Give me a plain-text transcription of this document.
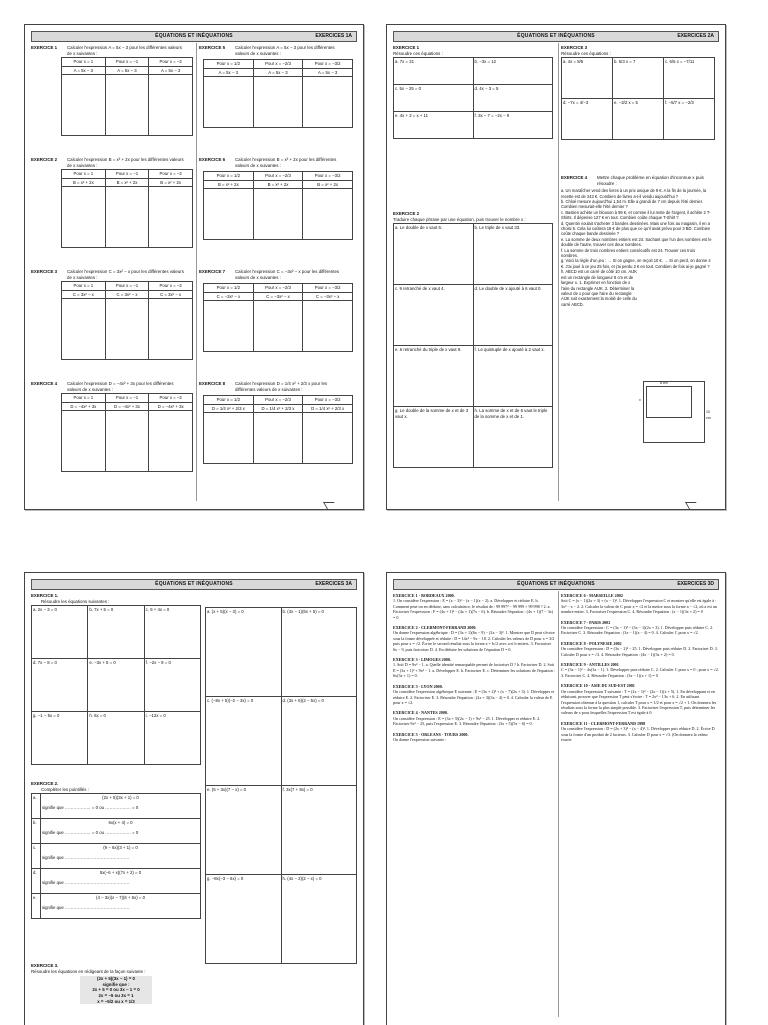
ÉQUATIONS ET INÉQUATIONS	EXERCICES 1A
EXERCICE 1 Calculer l'expression A = 5x − 3 pour les différentes valeurs de x suivantes :
Pour x = 1	Pour x = −1	Pour x = −2
A = 5x − 3	A = 5x − 3	A = 5x − 3

EXERCICE 2 Calculer l'expression B = x² + 2x pour les différentes valeurs de x suivantes :
Pour x = 1	Pour x = −1	Pour x = −2
B = x² + 2x	B = x² + 2x	B = x² + 2x

EXERCICE 3 Calculer l'expression C = 3x² − x pour les différentes valeurs de x suivantes :
Pour x = 1	Pour x = −1	Pour x = −2
C = 3x² − x	C = 3x² − x	C = 3x² − x

EXERCICE 4 Calculer l'expression D = −4x² + 3x pour les différentes valeurs de x suivantes :
Pour x = 1	Pour x = −1	Pour x = −2
D = −4x² + 3x	D = −4x² + 3x	D = −4x² + 3x

EXERCICE 5 Calculer l'expression A = 5x − 3 pour les différentes valeurs de x suivantes :
Pour x = 1/2	Pour x = −2/3	Pour x = −3/2
A = 5x − 3	A = 5x − 3	A = 5x − 3

EXERCICE 6 Calculer l'expression B = x² + 2x pour les différentes valeurs de x suivantes :
Pour x = 1/2	Pour x = −2/3	Pour x = −3/2
B = x² + 2x	B = x² + 2x	B = x² + 2x

EXERCICE 7 Calculer l'expression C = −3x² − x pour les différentes valeurs de x suivantes :
Pour x = 1/2	Pour x = −2/3	Pour x = −3/2
C = −3x² − x	C = −3x² − x	C = −3x² − x

EXERCICE 8 Calculer l'expression D = 1/4 x² + 2/3 x pour les différentes valeurs de x suivantes :
Pour x = 1/2	Pour x = −2/3	Pour x = −3/2
D = 1/4 x² + 2/3 x	D = 1/4 x² + 2/3 x	D = 1/4 x² + 2/3 x

ÉQUATIONS ET INÉQUATIONS	EXERCICES 2A
EXERCICE 1
Résoudre ces équations :
a. 7x = 21	b. −3x = 12
c. 5x − 25 = 0	d. 4x − 3 = 5
e. 4x + 2 = x + 11	f. 3x − 7 = −2x − 9
EXERCICE 2
Traduire chaque phrase par une équation, puis trouver le nombre x :
a. Le double de x vaut 6.	b. Le triple de x vaut 33.
c. 9 retranché de x vaut 4.	d. Le double de x ajouté à 6 vaut 0.
e. 6 retranché du triple de x vaut 9.	f. Le quintuple de x ajouté à 2 vaut x.
g. Le double de la somme de x et de 3 vaut x.	h. La somme de x et de 6 vaut le triple de la somme de x et de 1.
EXERCICE 3
Résoudre ces équations :
a. 4x = 8/5	b. 5/3 x = 7	c. 6/5 x = −7/11
d. −7x = 4/−3	e. −3/2 x = 5	f. −5/7 x = −2/3
EXERCICE 4 Mettre chaque problème en équation d'inconnue x puis résoudre :
a. Un maraîcher vend des livres à un prix unique de 9 €. A la fin de la journée, la recette est de 243 €. Combien de livres a-t-il vendu aujourd'hui ?
b. Chloé mesure aujourd'hui 1,54 m. Elle a grandi de 7 cm depuis l'été dernier. Combien mesurait-elle l'été dernier ?
c. Bastien achète un blouson à 99 €, et comme il lui reste de l'argent, il achète 2 T-Shirts. Il dépense 127 € en tout. Combien coûte chaque T-Shirt ?
d. Quentin voulait s'acheter 3 bandes dessinées. Mais une fois au magasin, il en a choisi 5. Cela lui coûtera 18 € de plus que ce qu'il avait prévu pour 3 BD. Combien coûte chaque bande dessinée ?
e. La somme de deux nombres entiers est 24. Sachant que l'un des nombres est le double de l'autre, trouver ces deux nombres.
f. La somme de trois nombres entiers consécutifs est 24. Trouver ces trois nombres.
g. Voici la règle d'un jeu : → Si on gagne, on reçoit 10 €. → Si on perd, on donne 4 €. J'ai joué à ce jeu 25 fois, et j'ai perdu 2 € en tout. Combien de fois ai-je gagné ?
h. ABCD est un carré de côté 10 cm. AIJK est un rectangle de longueur 8 cm et de largeur x. 1. Exprimer en fonction de x l'aire du rectangle AIJK. 2. Déterminer la valeur de x pour que l'aire du rectangle AIJK soit exactement la moitié de celle du carré ABCD.
8 cm
x
10 cm
ÉQUATIONS ET INÉQUATIONS	EXERCICES 3A
EXERCICE 1.
Résoudre les équations suivantes :
a. 2x − 3 = 0	b. 7x + 5 = 0	c. 5 + 4x = 0
d. 7x − 8 = 0	e. −3x + 5 = 0	f. −2x − 9 = 0
g. −1 − 5x = 0	h. 6x = 0	i. −12x = 0
EXERCICE 2.
Compléter les pointillés :
a.	(2x + 5)(3x + 1) = 0
signifie que ……………… = 0 ou ……………… = 0

b.	6x(x + 4) = 0
signifie que ……………… = 0 ou ……………… = 0

c.	(9 − 6x)(3 + 1) = 0
signifie que ………………………………………

d.	5x(−6 + x)(7x + 2) = 0
signifie que ………………………………………

e.	(4 − 3x)(x − 7)(6 + 5x) = 0
signifie que ………………………………………
EXERCICE 3.
Résoudre les équations en rédigeant de la façon suivante :
(2x + 5)(3x − 1) = 0
signifie que :
2x + 5 = 0 ou 3x − 1 = 0
2x = −5 ou 3x = 1
x = −5/2 ou x = 1/3
a. (x + 5)(x − 3) = 0	b. (4x − 1)(6x + 5) = 0
c. (−8x + 5)(−2 − 3x) = 0	d. (3x + 6)(2 − 5x) = 0
e. (5 + 3x)(7 − x) = 0	f. 3x(7 + 8x) = 0
g. −8x(−3 − 6x) = 0	h. (4x − 2)(2 − x) = 0
ÉQUATIONS ET INÉQUATIONS	EXERCICES 3D
EXERCICE 1 - BORDEAUX 2000.
1. On considère l'expression : E = (x − 3)² − (x − 1)(x − 2). a. Développer et réduire E. b. Comment peut-on en déduire, sans calculatrice, le résultat de : 99 997² − 99 999 × 99 998 ? 2. a. Factoriser l'expression : F = (4x + 1)² − (4x + 1)(7x − 6). b. Résoudre l'équation : (4x + 1)(7 − 3x) = 0
EXERCICE 2 - CLERMONT-FERRAND 2000.
On donne l'expression algébrique : D = (3x + 1)(6x − 9) − (2x − 3)². 1. Montrer que D peut s'écrire sous la forme développée et réduite : D = 14x² − 9x − 18. 2. Calculer les valeurs de D pour x = 3/2 puis pour x = √2. Écrire le second résultat sous la forme a + b√2 avec a et b entiers. 3. Factoriser 6x − 9, puis factoriser D. 4. En déduire les solutions de l'équation D = 0.
EXERCICE 3 - LIMOGES 2000.
1. Soit D = 9x² − 1. a. Quelle identité remarquable permet de factoriser D ? b. Factoriser D. 2. Soit E = (3x + 1)² + 9x² − 1. a. Développer E. b. Factoriser E. c. Déterminer les solutions de l'équation : 6x(3x + 1) = 0.
EXERCICE 3 - LYON 2000.
On considère l'expression algébrique E suivante : E = (3x + 2)² + (x − 7)(2x + 3). 1. Développer et réduire E. 2. Factoriser E. 3. Résoudre l'équation : (2x + 3)(3x − 4) = 0. 4. Calculer la valeur de E pour x = √2.
EXERCICE 4 - NANTES 2000.
On considère l'expression : E = (3x + 5)(2x − 1) + 9x² − 25. 1. Développer et réduire E. 2. Factoriser 9x² − 25, puis l'expression E. 3. Résoudre l'équation : (3x + 5)(5x − 6) = 0.
EXERCICE 5 - ORLEANS - TOURS 2000.
On donne l'expression suivante :
EXERCICE 6 - MARSEILLE 2002
Soit C = (x − 1)(2x + 3) + (x − 1)². 1. Développer l'expression C et montrer qu'elle est égale à : 3x² − x − 2. 2. Calculer la valeur de C pour x = √2 et la mettre sous la forme a − √2, où a est un nombre entier. 3. Factoriser l'expression C. 4. Résoudre l'équation : (x − 1)(3x + 2) = 0
EXERCICE 7 - PARIS 2002
On considère l'expression : C = (3x − 1)² − (3x − 1)(2x + 3). 1. Développer puis réduire C. 2. Factoriser C. 3. Résoudre l'équation : (3x − 1)(x − 4) = 0. 4. Calculer C pour x = √2.
EXERCICE 8 - POLYNESIE 2002
On considère l'expression : D = (3x − 2)² − 25. 1. Développer puis réduire D. 2. Factoriser D. 3. Calculer D pour x = √3. 4. Résoudre l'équation : (4x − 1)(3x + 2) = 0.
EXERCICE 9 - ANTILLES 2001
C = (3x − 1)² − 4x(3x − 1). 1. Développer puis réduire C. 2. Calculer C pour x = 0 ; pour x = √2. 3. Factoriser C. 4. Résoudre l'équation : (3x − 1)(x + 1) = 0
EXERCICE 10 - ASIE DU SUD-EST 2001
On considère l'expression T suivante : T = (2x − 1)² − (2x − 1)(x + 5). 1. En développant et en réduisant, prouver que l'expression T peut s'écrire : T = 2x² − 13x + 6. 2. En utilisant l'expression obtenue à la question 1, calculer T pour x = 1/2 et pour x = √2 + 1. On donnera les résultats sous la forme la plus simple possible. 3. Factoriser l'expression T, puis déterminer les valeurs de x pour lesquelles l'expression T est égale à 0.
EXERCICE 11 - CLERMONT-FERRAND 1998
On considère l'expression : D = (2x + 3)² − (x − 4)². 1. Développer puis réduire D. 2. Écrire D sous la forme d'un produit de 2 facteurs. 3. Calculer D pour x = √3. (On donnera la valeur exacte
